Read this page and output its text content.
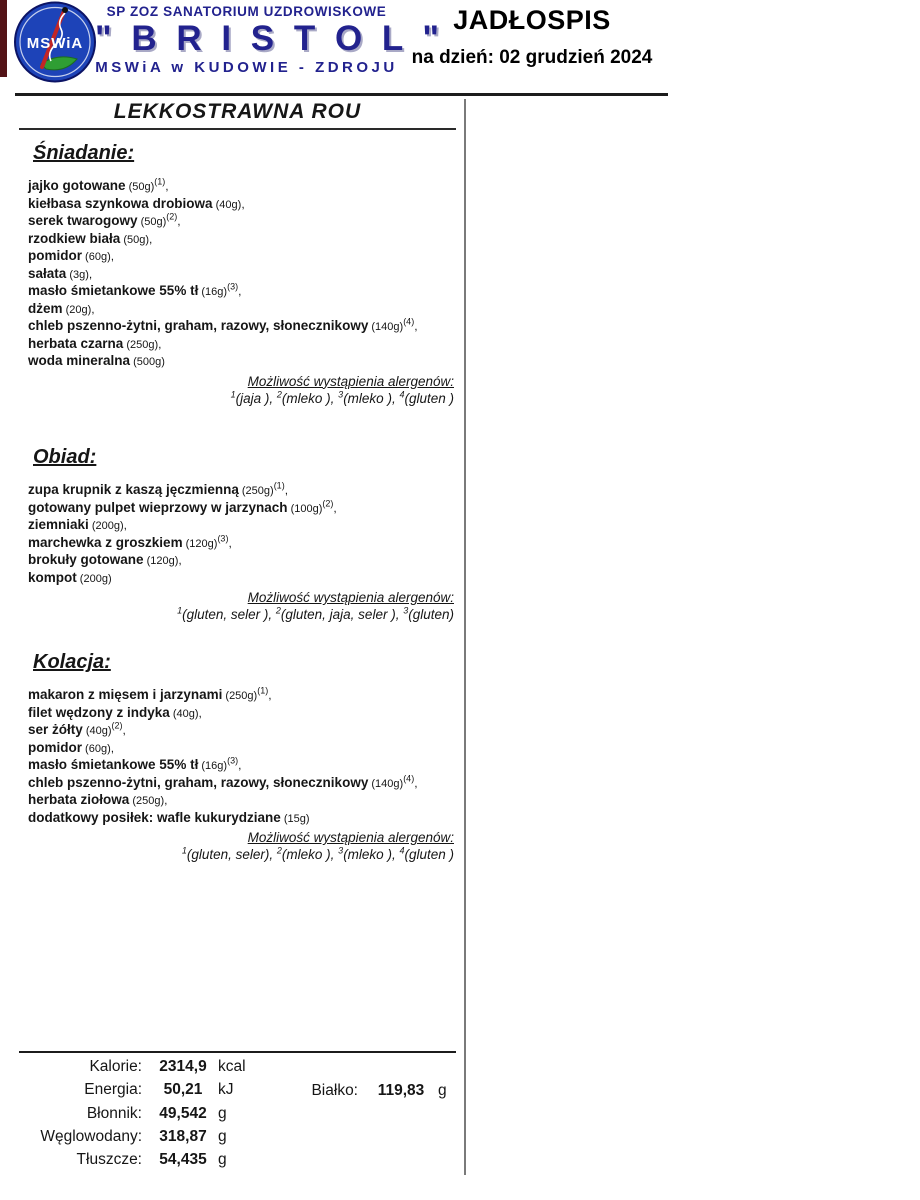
MSWiA
SP ZOZ SANATORIUM UZDROWISKOWE
" B R I S T O L "
MSWiA w KUDOWIE - ZDROJU
JADŁOSPIS
na dzień: 02 grudzień 2024
LEKKOSTRAWNA ROU
Śniadanie:
jajko gotowane $(50g)^{(1)}$,
kiełbasa szynkowa drobiowa (40g),
serek twarogowy $(50g)^{(2)}$,
rzodkiew biała (50g),
pomidor (60g),
sałata (3g),
masło śmietankowe 55% tł $(16g)^{(3)}$,
dżem (20g),
chleb pszenno-żytni, graham, razowy, słonecznikowy $(140g)^{(4)}$,
herbata czarna (250g),
woda mineralna (500g)
Możliwość wystąpienia alergenów:
$^1$(jaja ), $^2$(mleko ), $^3$(mleko ), $^4$(gluten )
Obiad:
zupa krupnik z kaszą jęczmienną $(250g)^{(1)}$,
gotowany pulpet wieprzowy w jarzynach $(100g)^{(2)}$,
ziemniaki (200g),
marchewka z groszkiem $(120g)^{(3)}$,
brokuły gotowane (120g),
kompot (200g)
Możliwość wystąpienia alergenów:
$^1$(gluten, seler ), $^2$(gluten, jaja, seler ), $^3$(gluten)
Kolacja:
makaron z mięsem i jarzynami $(250g)^{(1)}$,
filet wędzony z indyka (40g),
ser żółty $(40g)^{(2)}$,
pomidor (60g),
masło śmietankowe 55% tł $(16g)^{(3)}$,
chleb pszenno-żytni, graham, razowy, słonecznikowy $(140g)^{(4)}$,
herbata ziołowa (250g),
dodatkowy posiłek: wafle kukurydziane (15g)
Możliwość wystąpienia alergenów:
$^1$(gluten, seler), $^2$(mleko ), $^3$(mleko ), $^4$(gluten )
Kalorie:	2314,9 kcal
Energia:	50,21	kJ
Błonnik:	49,542 g
Węglowodany:	318,87 g
Tłuszcze:	54,435 g
Białko:	119,83 g
